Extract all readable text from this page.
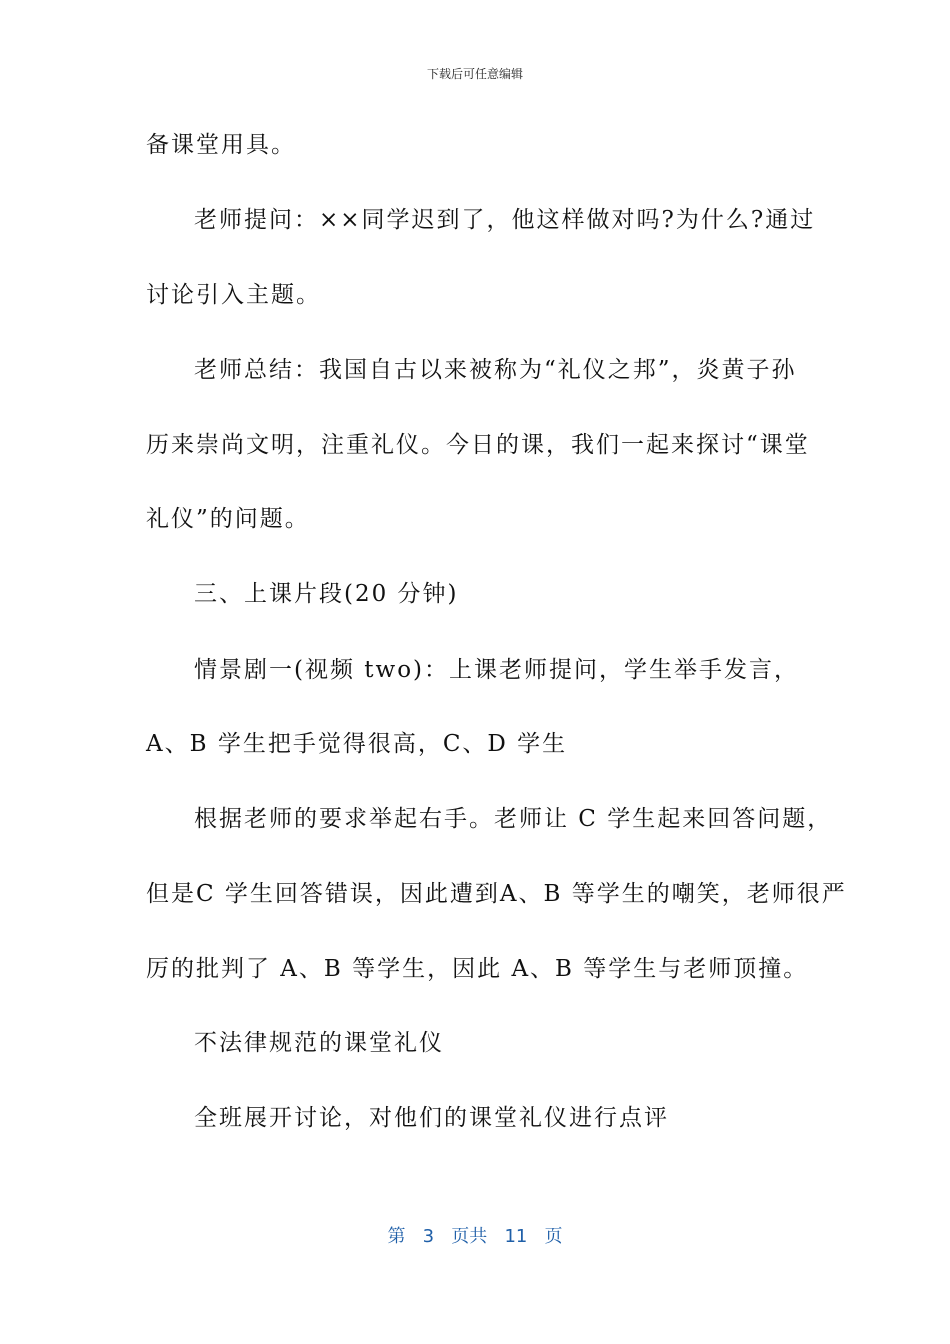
下载后可任意编辑

备课堂用具。

老师提问：××同学迟到了，他这样做对吗?为什么?通过

讨论引入主题。

老师总结：我国自古以来被称为“礼仪之邦”，炎黄子孙

历来崇尚文明，注重礼仪。今日的课，我们一起来探讨“课堂

礼仪”的问题。

三、上课片段(20 分钟)

情景剧一(视频 two)：上课老师提问，学生举手发言，

A、B 学生把手觉得很高，C、D 学生

根据老师的要求举起右手。老师让 C 学生起来回答问题，

但是C 学生回答错误，因此遭到A、B 等学生的嘲笑，老师很严

厉的批判了 A、B 等学生，因此 A、B 等学生与老师顶撞。

不法律规范的课堂礼仪

全班展开讨论，对他们的课堂礼仪进行点评

第 3 页共 11 页
